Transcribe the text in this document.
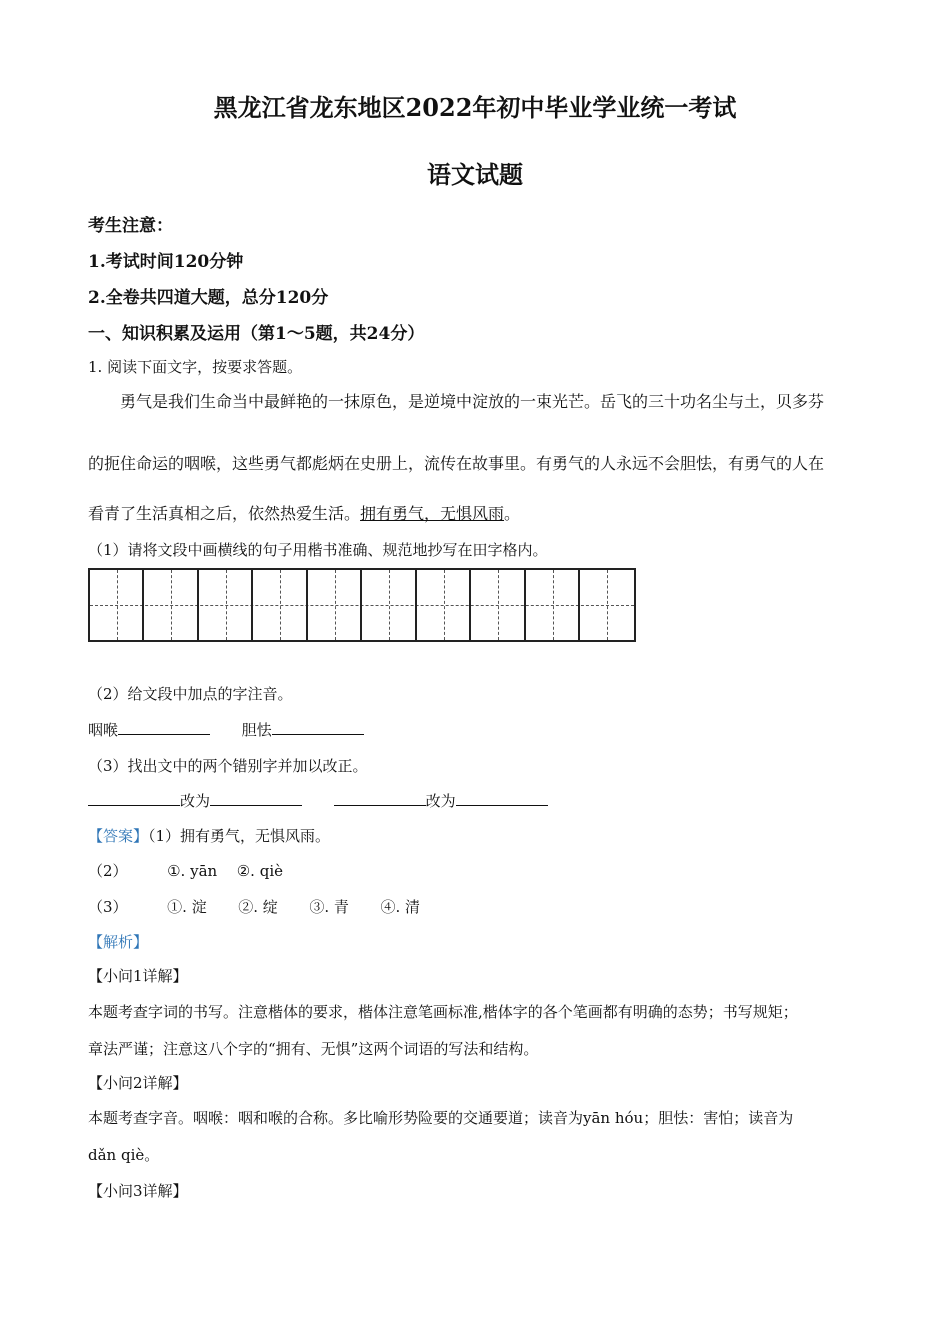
黑龙江省龙东地区2022年初中毕业学业统一考试
语文试题
考生注意：
1.考试时间120分钟
2.全卷共四道大题，总分120分
一、知识积累及运用（第1～5题，共24分）
1. 阅读下面文字，按要求答题。
勇气是我们生命当中最鲜艳的一抹原色，是逆境中淀放的一束光芒。岳飞的三十功名尘与土，贝多芬
的扼住命运的咽喉，这些勇气都彪炳在史册上，流传在故事里。有勇气的人永远不会胆怯，有勇气的人在
看青了生活真相之后，依然热爱生活。拥有勇气，无惧风雨。
（1）请将文段中画横线的句子用楷书准确、规范地抄写在田字格内。
（2）给文段中加点的字注音。
咽喉	胆怯
（3）找出文中的两个错别字并加以改正。
改为	改为
【答案】（1）拥有勇气，无惧风雨。
（2）	①. yān ②. qiè
（3）	①. 淀 ②. 绽 ③. 青 ④. 清
【解析】
【小问1详解】
本题考查字词的书写。注意楷体的要求，楷体注意笔画标准,楷体字的各个笔画都有明确的态势；书写规矩；
章法严谨；注意这八个字的“拥有、无惧”这两个词语的写法和结构。
【小问2详解】
本题考查字音。咽喉：咽和喉的合称。多比喻形势险要的交通要道；读音为yān hóu；胆怯：害怕；读音为
dǎn qiè。
【小问3详解】
